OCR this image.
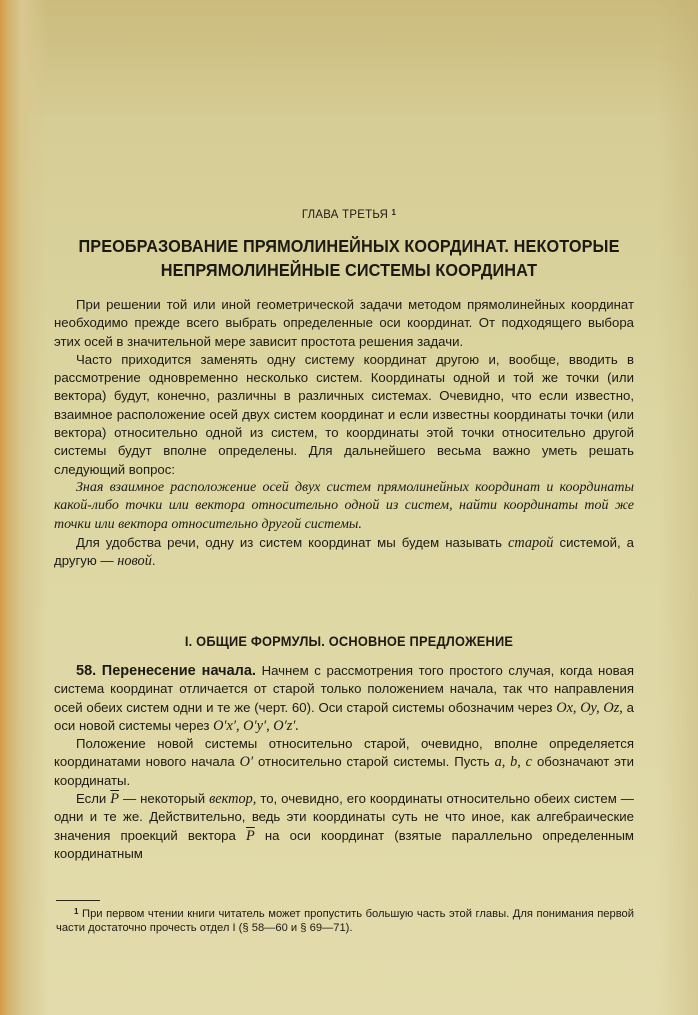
ГЛАВА ТРЕТЬЯ $^1$
ПРЕОБРАЗОВАНИЕ ПРЯМОЛИНЕЙНЫХ КООРДИНАТ. НЕКОТОРЫЕ НЕПРЯМОЛИНЕЙНЫЕ СИСТЕМЫ КООРДИНАТ

При решении той или иной геометрической задачи методом прямолинейных координат необходимо прежде всего выбрать определенные оси координат. От подходящего выбора этих осей в значительной мере зависит простота решения задачи.

Часто приходится заменять одну систему координат другою и, вообще, вводить в рассмотрение одновременно несколько систем. Координаты одной и той же точки (или вектора) будут, конечно, различны в различных системах. Очевидно, что если известно, взаимное расположение осей двух систем координат и если известны координаты точки (или вектора) относительно одной из систем, то координаты этой точки относительно другой системы будут вполне определены. Для дальнейшего весьма важно уметь решать следующий вопрос:

Зная взаимное расположение осей двух систем прямолинейных координат и координаты какой-либо точки или вектора относительно одной из систем, найти координаты той же точки или вектора относительно другой системы.

Для удобства речи, одну из систем координат мы будем называть старой системой, а другую — новой.

I. ОБЩИЕ ФОРМУЛЫ. ОСНОВНОЕ ПРЕДЛОЖЕНИЕ

58. Перенесение начала. Начнем с рассмотрения того простого случая, когда новая система координат отличается от старой только положением начала, так что направления осей обеих систем одни и те же (черт. 60). Оси старой системы обозначим через Ox, Oy, Oz, а оси новой системы через O′x′, O′y′, O′z′.

Положение новой системы относительно старой, очевидно, вполне определяется координатами нового начала O′ относительно старой системы. Пусть a, b, c обозначают эти координаты.

Если $\overline{P}$ — некоторый вектор, то, очевидно, его координаты относительно обеих систем — одни и те же. Действительно, ведь эти координаты суть не что иное, как алгебраические значения проекций вектора $\overline{P}$ на оси координат (взятые параллельно определенным координатным

$^1$ При первом чтении книги читатель может пропустить большую часть этой главы. Для понимания первой части достаточно прочесть отдел I (§ 58—60 и § 69—71).
